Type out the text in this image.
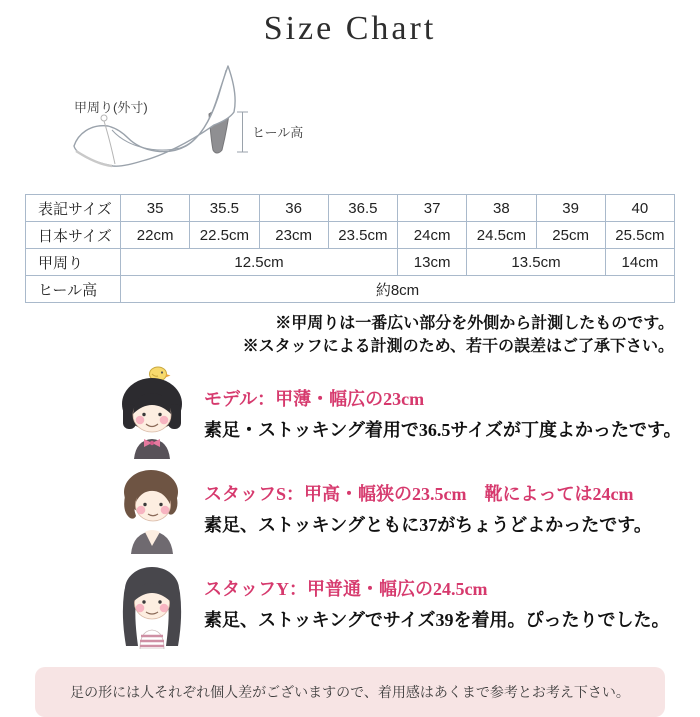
Size Chart
甲周り(外寸)
ヒール高
表記サイズ	35	35.5	36	36.5	37	38	39	40
日本サイズ	22cm	22.5cm	23cm	23.5cm	24cm	24.5cm	25cm	25.5cm
甲周り	12.5cm				13cm	13.5cm		14cm
ヒール高	約8cm							
※甲周りは一番広い部分を外側から計測したものです。
※スタッフによる計測のため、若干の誤差はご了承下さい。
モデル：甲薄・幅広の23cm
素足・ストッキング着用で36.5サイズが丁度よかったです。
スタッフS：甲高・幅狭の23.5cm　靴によっては24cm
素足、ストッキングともに37がちょうどよかったです。
スタッフY：甲普通・幅広の24.5cm
素足、ストッキングでサイズ39を着用。ぴったりでした。
足の形には人それぞれ個人差がございますので、着用感はあくまで参考とお考え下さい。
